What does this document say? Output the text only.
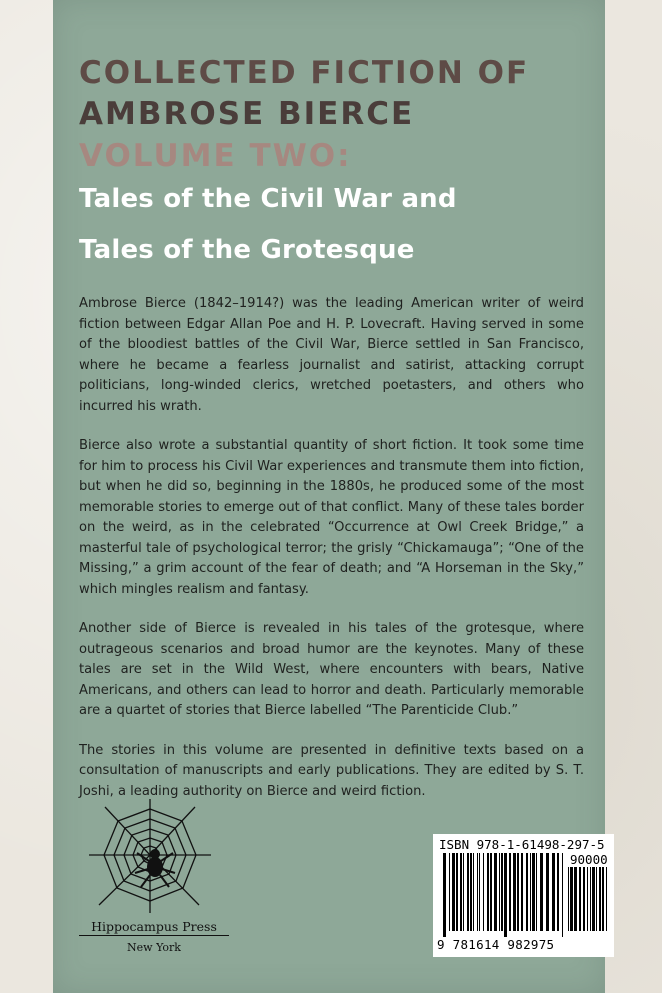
COLLECTED FICTION OF
AMBROSE BIERCE
VOLUME TWO:
Tales of the Civil War and
Tales of the Grotesque

Ambrose Bierce (1842–1914?) was the leading American writer of weird fiction between Edgar Allan Poe and H. P. Lovecraft. Having served in some of the bloodiest battles of the Civil War, Bierce settled in San Francisco, where he became a fearless journalist and satirist, attacking corrupt politicians, long-winded clerics, wretched poetasters, and others who incurred his wrath.

Bierce also wrote a substantial quantity of short fiction. It took some time for him to process his Civil War experiences and transmute them into fiction, but when he did so, beginning in the 1880s, he produced some of the most memorable stories to emerge out of that conflict. Many of these tales border on the weird, as in the celebrated “Occurrence at Owl Creek Bridge,” a masterful tale of psychological terror; the grisly “Chickamauga”; “One of the Missing,” a grim account of the fear of death; and “A Horseman in the Sky,” which mingles realism and fantasy.

Another side of Bierce is revealed in his tales of the grotesque, where outrageous scenarios and broad humor are the keynotes. Many of these tales are set in the Wild West, where encounters with bears, Native Americans, and others can lead to horror and death. Particularly memorable are a quartet of stories that Bierce labelled “The Parenticide Club.”

The stories in this volume are presented in definitive texts based on a consultation of manuscripts and early publications. They are edited by S. T. Joshi, a leading authority on Bierce and weird fiction.

Hippocampus Press
New York
ISBN 978-1-61498-297-5
90000
9 781614 982975
